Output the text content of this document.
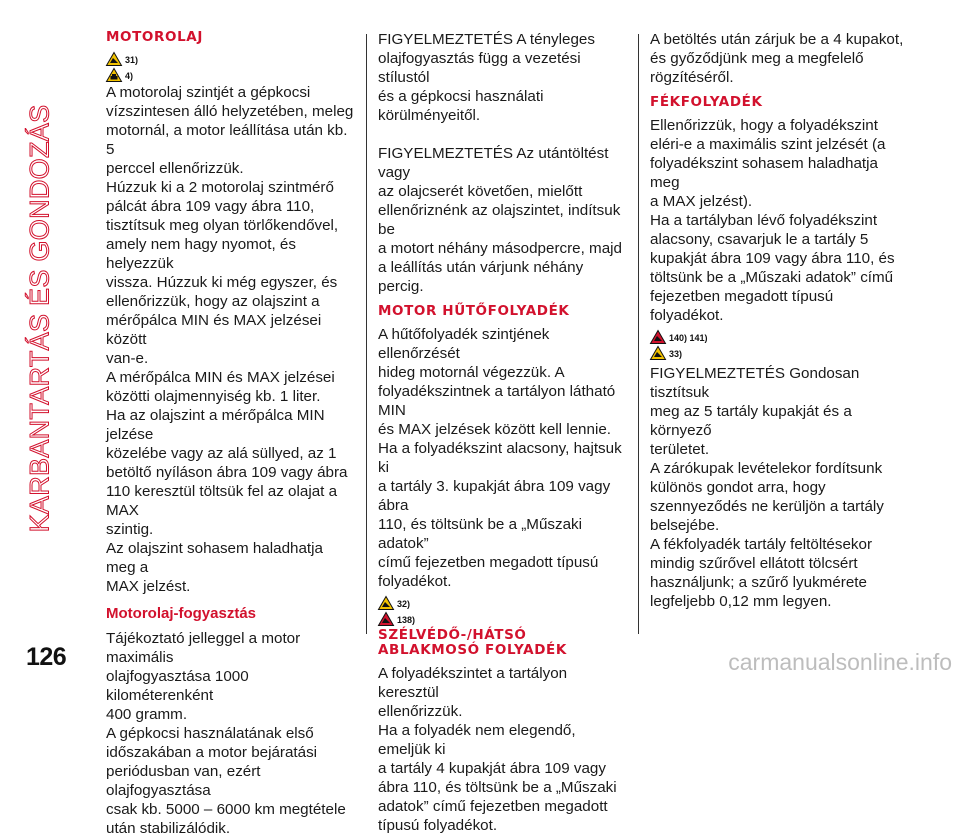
KARBANTARTÁS ÉS GONDOZÁS
MOTOROLAJ
31)
4)
A motorolaj szintjét a gépkocsi
vízszintesen álló helyzetében, meleg
motornál, a motor leállítása után kb. 5
perccel ellenőrizzük.
Húzzuk ki a 2 motorolaj szintmérő
pálcát ábra 109 vagy ábra 110,
tisztítsuk meg olyan törlőkendővel,
amely nem hagy nyomot, és helyezzük
vissza. Húzzuk ki még egyszer, és
ellenőrizzük, hogy az olajszint a
mérőpálca MIN és MAX jelzései között
van-e.
A mérőpálca MIN és MAX jelzései
közötti olajmennyiség kb. 1 liter.
Ha az olajszint a mérőpálca MIN jelzése
közelébe vagy az alá süllyed, az 1
betöltő nyíláson ábra 109 vagy ábra
110 keresztül töltsük fel az olajat a MAX
szintig.
Az olajszint sohasem haladhatja meg a
MAX jelzést.
Motorolaj-fogyasztás
Tájékoztató jelleggel a motor maximális
olajfogyasztása 1000 kilométerenként
400 gramm.
A gépkocsi használatának első
időszakában a motor bejáratási
periódusban van, ezért olajfogyasztása
csak kb. 5000 – 6000 km megtétele
után stabilizálódik.
FIGYELMEZTETÉS A tényleges
olajfogyasztás függ a vezetési stílustól
és a gépkocsi használati
körülményeitől.
FIGYELMEZTETÉS Az utántöltést vagy
az olajcserét követően, mielőtt
ellenőriznénk az olajszintet, indítsuk be
a motort néhány másodpercre, majd
a leállítás után várjunk néhány percig.
MOTOR HŰTŐFOLYADÉK
A hűtőfolyadék szintjének ellenőrzését
hideg motornál végezzük. A
folyadékszintnek a tartályon látható MIN
és MAX jelzések között kell lennie.
Ha a folyadékszint alacsony, hajtsuk ki
a tartály 3. kupakját ábra 109 vagy ábra
110, és töltsünk be a „Műszaki adatok”
című fejezetben megadott típusú
folyadékot.
32)
138)
SZÉLVÉDŐ-/HÁTSÓ
ABLAKMOSÓ FOLYADÉK
A folyadékszintet a tartályon keresztül
ellenőrizzük.
Ha a folyadék nem elegendő, emeljük ki
a tartály 4 kupakját ábra 109 vagy
ábra 110, és töltsünk be a „Műszaki
adatok” című fejezetben megadott
típusú folyadékot.
A betöltés után zárjuk be a 4 kupakot,
és győződjünk meg a megfelelő
rögzítéséről.
FÉKFOLYADÉK
Ellenőrizzük, hogy a folyadékszint
eléri-e a maximális szint jelzését (a
folyadékszint sohasem haladhatja meg
a MAX jelzést).
Ha a tartályban lévő folyadékszint
alacsony, csavarjuk le a tartály 5
kupakját ábra 109 vagy ábra 110, és
töltsünk be a „Műszaki adatok” című
fejezetben megadott típusú folyadékot.
140) 141)
33)
FIGYELMEZTETÉS Gondosan tisztítsuk
meg az 5 tartály kupakját és a környező
területet.
A zárókupak levételekor fordítsunk
különös gondot arra, hogy
szennyeződés ne kerüljön a tartály
belsejébe.
A fékfolyadék tartály feltöltésekor
mindig szűrővel ellátott tölcsért
használjunk; a szűrő lyukmérete
legfeljebb 0,12 mm legyen.
126	carmanualsonline.info
